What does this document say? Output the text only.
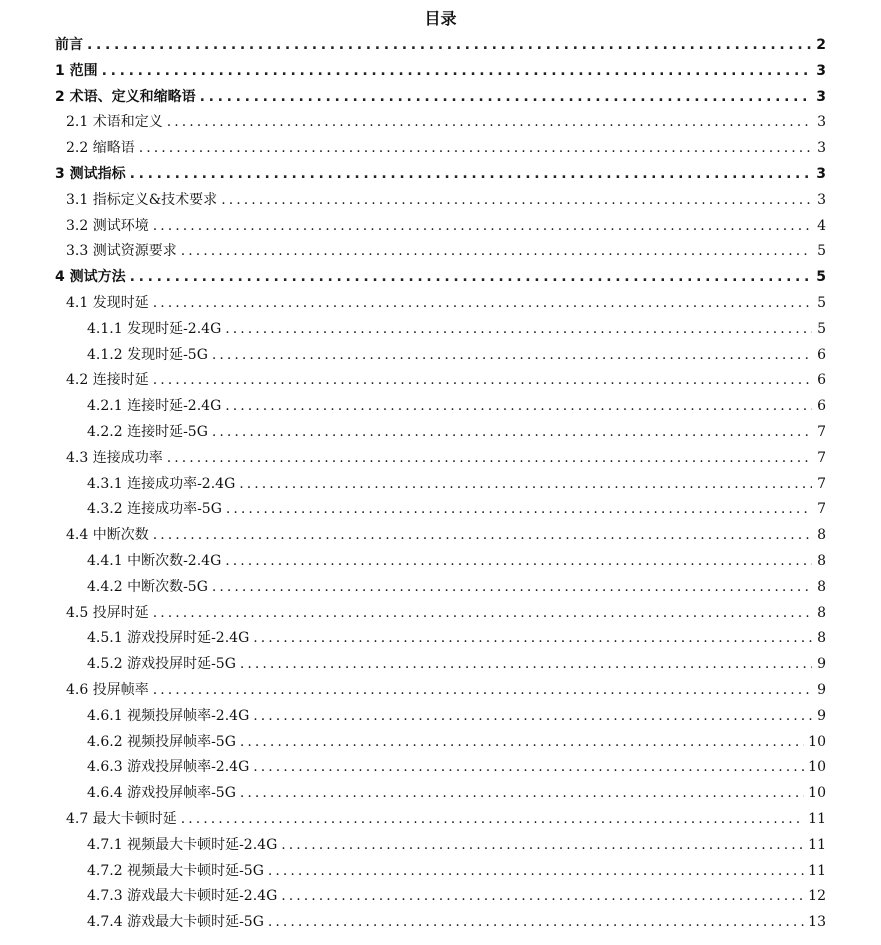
目录
前言 . . .	2
1 范围 . . .	3
2 术语、定义和缩略语 . . .	3
2.1 术语和定义 . . .	3
2.2 缩略语 . . .	3
3 测试指标 . . .	3
3.1 指标定义&技术要求 . . .	3
3.2 测试环境 . . .	4
3.3 测试资源要求 . . .	5
4 测试方法 . . .	5
4.1 发现时延 . . .	5
4.1.1 发现时延-2.4G . . .	5
4.1.2 发现时延-5G . . .	6
4.2 连接时延 . . .	6
4.2.1 连接时延-2.4G . . .	6
4.2.2 连接时延-5G . . .	7
4.3 连接成功率 . . .	7
4.3.1 连接成功率-2.4G . . .	7
4.3.2 连接成功率-5G . . .	7
4.4 中断次数 . . .	8
4.4.1 中断次数-2.4G . . .	8
4.4.2 中断次数-5G . . .	8
4.5 投屏时延 . . .	8
4.5.1 游戏投屏时延-2.4G . . .	8
4.5.2 游戏投屏时延-5G . . .	9
4.6 投屏帧率 . . .	9
4.6.1 视频投屏帧率-2.4G . . .	9
4.6.2 视频投屏帧率-5G . . .	10
4.6.3 游戏投屏帧率-2.4G . . .	10
4.6.4 游戏投屏帧率-5G . . .	10
4.7 最大卡顿时延 . . .	11
4.7.1 视频最大卡顿时延-2.4G . . .	11
4.7.2 视频最大卡顿时延-5G . . .	11
4.7.3 游戏最大卡顿时延-2.4G . . .	12
4.7.4 游戏最大卡顿时延-5G . . .	13
